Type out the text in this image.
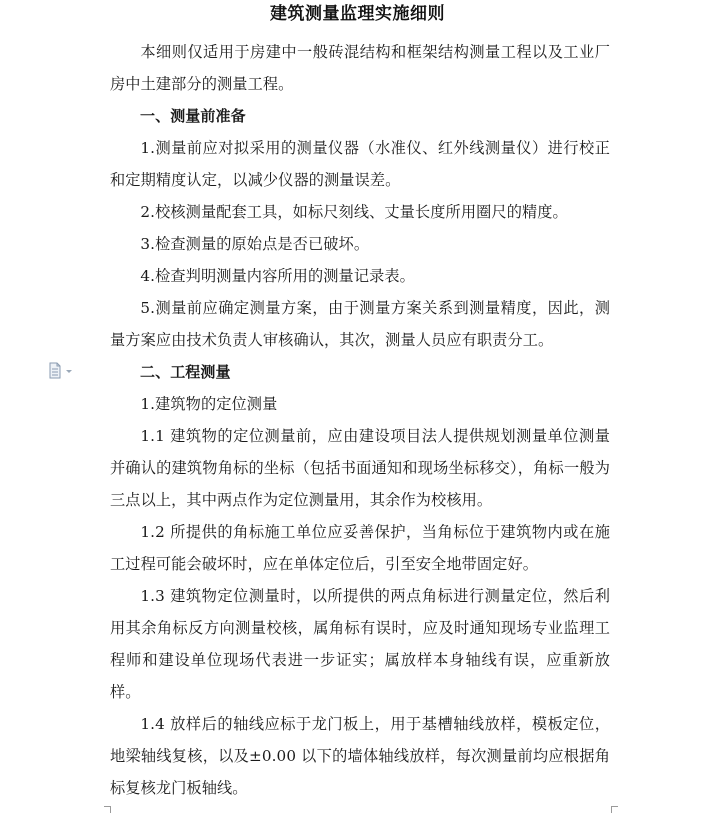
建筑测量监理实施细则

本细则仅适用于房建中一般砖混结构和框架结构测量工程以及工业厂房中土建部分的测量工程。

一、测量前准备

1.测量前应对拟采用的测量仪器（水准仪、红外线测量仪）进行校正和定期精度认定，以减少仪器的测量误差。

2.校核测量配套工具，如标尺刻线、丈量长度所用圈尺的精度。

3.检查测量的原始点是否已破坏。

4.检查判明测量内容所用的测量记录表。

5.测量前应确定测量方案，由于测量方案关系到测量精度，因此，测量方案应由技术负责人审核确认，其次，测量人员应有职责分工。

二、工程测量

1.建筑物的定位测量

1.1 建筑物的定位测量前，应由建设项目法人提供规划测量单位测量并确认的建筑物角标的坐标（包括书面通知和现场坐标移交），角标一般为三点以上，其中两点作为定位测量用，其余作为校核用。

1.2 所提供的角标施工单位应妥善保护，当角标位于建筑物内或在施工过程可能会破坏时，应在单体定位后，引至安全地带固定好。

1.3 建筑物定位测量时，以所提供的两点角标进行测量定位，然后利用其余角标反方向测量校核，属角标有误时，应及时通知现场专业监理工程师和建设单位现场代表进一步证实；属放样本身轴线有误，应重新放样。

1.4 放样后的轴线应标于龙门板上，用于基槽轴线放样，模板定位，地梁轴线复核，以及±0.00 以下的墙体轴线放样，每次测量前均应根据角标复核龙门板轴线。
